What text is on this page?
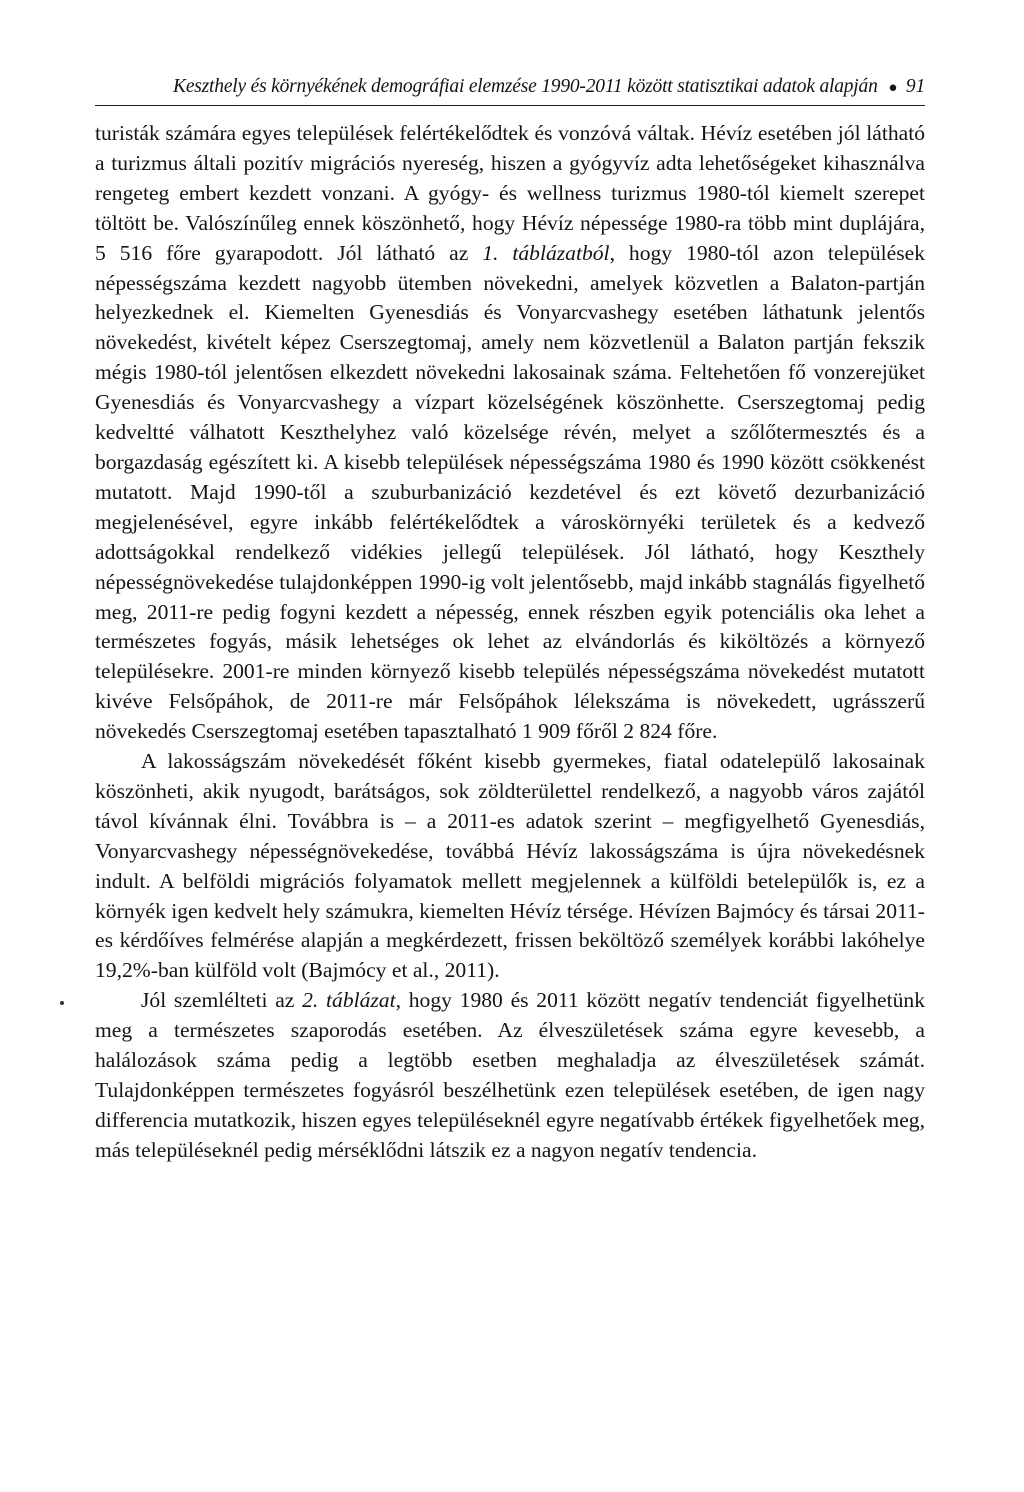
Keszthely és környékének demográfiai elemzése 1990-2011 között statisztikai adatok alapján ● 91

turisták számára egyes települések felértékelődtek és vonzóvá váltak. Hévíz esetében jól látható a turizmus általi pozitív migrációs nyereség, hiszen a gyógyvíz adta lehetőségeket kihasználva rengeteg embert kezdett vonzani. A gyógy- és wellness turizmus 1980-tól kiemelt szerepet töltött be. Valószínűleg ennek köszönhető, hogy Hévíz népessége 1980-ra több mint duplájára, 5 516 főre gyarapodott. Jól látható az 1. táblázatból, hogy 1980-tól azon települések népességszáma kezdett nagyobb ütemben növekedni, amelyek közvetlen a Balaton-partján helyezkednek el. Kiemelten Gyenesdiás és Vonyarcvashegy esetében láthatunk jelentős növekedést, kivételt képez Cserszegtomaj, amely nem közvetlenül a Balaton partján fekszik mégis 1980-tól jelentősen elkezdett növekedni lakosainak száma. Feltehetően fő vonzerejüket Gyenesdiás és Vonyarcvashegy a vízpart közelségének köszönhette. Cserszegtomaj pedig kedveltté válhatott Keszthelyhez való közelsége révén, melyet a szőlőtermesztés és a borgazdaság egészített ki. A kisebb települések népességszáma 1980 és 1990 között csökkenést mutatott. Majd 1990-től a szuburbanizáció kezdetével és ezt követő dezurbanizáció megjelenésével, egyre inkább felértékelődtek a városkörnyéki területek és a kedvező adottságokkal rendelkező vidékies jellegű települések. Jól látható, hogy Keszthely népességnövekedése tulajdonképpen 1990-ig volt jelentősebb, majd inkább stagnálás figyelhető meg, 2011-re pedig fogyni kezdett a népesség, ennek részben egyik potenciális oka lehet a természetes fogyás, másik lehetséges ok lehet az elvándorlás és kiköltözés a környező településekre. 2001-re minden környező kisebb település népességszáma növekedést mutatott kivéve Felsőpáhok, de 2011-re már Felsőpáhok lélekszáma is növekedett, ugrásszerű növekedés Cserszegtomaj esetében tapasztalható 1 909 főről 2 824 főre.

A lakosságszám növekedését főként kisebb gyermekes, fiatal odatelepülő lakosainak köszönheti, akik nyugodt, barátságos, sok zöldterülettel rendelkező, a nagyobb város zajától távol kívánnak élni. Továbbra is – a 2011-es adatok szerint – megfigyelhető Gyenesdiás, Vonyarcvashegy népességnövekedése, továbbá Hévíz lakosságszáma is újra növekedésnek indult. A belföldi migrációs folyamatok mellett megjelennek a külföldi betelepülők is, ez a környék igen kedvelt hely számukra, kiemelten Hévíz térsége. Hévízen Bajmócy és társai 2011-es kérdőíves felmérése alapján a megkérdezett, frissen beköltöző személyek korábbi lakóhelye 19,2%-ban külföld volt (Bajmócy et al., 2011).

Jól szemlélteti az 2. táblázat, hogy 1980 és 2011 között negatív tendenciát figyelhetünk meg a természetes szaporodás esetében. Az élveszületések száma egyre kevesebb, a halálozások száma pedig a legtöbb esetben meghaladja az élveszületések számát. Tulajdonképpen természetes fogyásról beszélhetünk ezen települések esetében, de igen nagy differencia mutatkozik, hiszen egyes településeknél egyre negatívabb értékek figyelhetőek meg, más településeknél pedig mérséklődni látszik ez a nagyon negatív tendencia.
